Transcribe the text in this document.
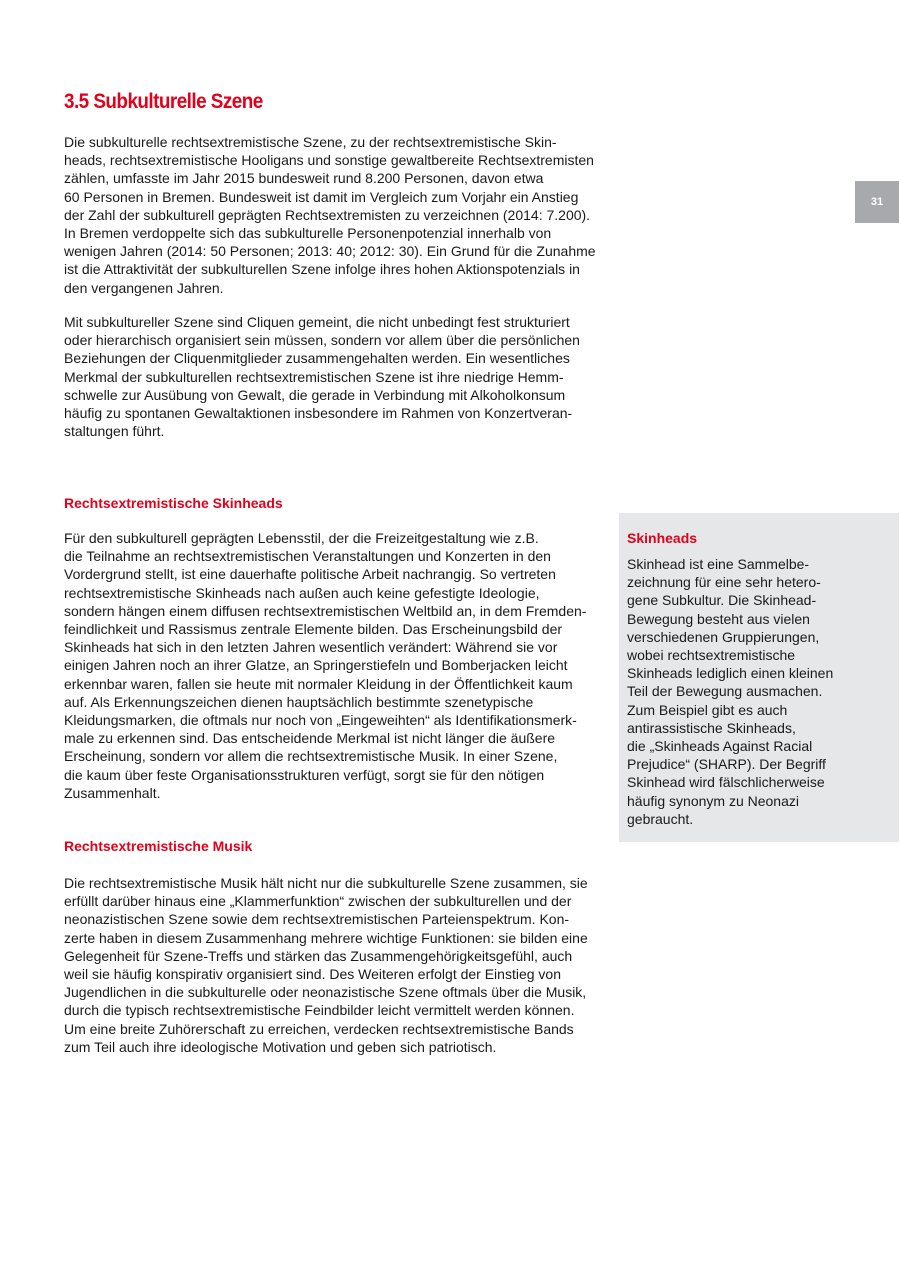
3.5 Subkulturelle Szene

Die subkulturelle rechtsextremistische Szene, zu der rechtsextremistische Skin-
heads, rechtsextremistische Hooligans und sonstige gewaltbereite Rechtsextremisten
zählen, umfasste im Jahr 2015 bundesweit rund 8.200 Personen, davon etwa
60 Personen in Bremen. Bundesweit ist damit im Vergleich zum Vorjahr ein Anstieg
der Zahl der subkulturell geprägten Rechtsextremisten zu verzeichnen (2014: 7.200).
In Bremen verdoppelte sich das subkulturelle Personenpotenzial innerhalb von
wenigen Jahren (2014: 50 Personen; 2013: 40; 2012: 30). Ein Grund für die Zunahme
ist die Attraktivität der subkulturellen Szene infolge ihres hohen Aktionspotenzials in
den vergangenen Jahren.

Mit subkultureller Szene sind Cliquen gemeint, die nicht unbedingt fest strukturiert
oder hierarchisch organisiert sein müssen, sondern vor allem über die persönlichen
Beziehungen der Cliquenmitglieder zusammengehalten werden. Ein wesentliches
Merkmal der subkulturellen rechtsextremistischen Szene ist ihre niedrige Hemm-
schwelle zur Ausübung von Gewalt, die gerade in Verbindung mit Alkoholkonsum
häufig zu spontanen Gewaltaktionen insbesondere im Rahmen von Konzertveran-
staltungen führt.

Rechtsextremistische Skinheads

Für den subkulturell geprägten Lebensstil, der die Freizeitgestaltung wie z.B.
die Teilnahme an rechtsextremistischen Veranstaltungen und Konzerten in den
Vordergrund stellt, ist eine dauerhafte politische Arbeit nachrangig. So vertreten
rechtsextremistische Skinheads nach außen auch keine gefestigte Ideologie,
sondern hängen einem diffusen rechtsextremistischen Weltbild an, in dem Fremden-
feindlichkeit und Rassismus zentrale Elemente bilden. Das Erscheinungsbild der
Skinheads hat sich in den letzten Jahren wesentlich verändert: Während sie vor
einigen Jahren noch an ihrer Glatze, an Springerstiefeln und Bomberjacken leicht
erkennbar waren, fallen sie heute mit normaler Kleidung in der Öffentlichkeit kaum
auf. Als Erkennungszeichen dienen hauptsächlich bestimmte szenetypische
Kleidungsmarken, die oftmals nur noch von „Eingeweihten“ als Identifikationsmerk-
male zu erkennen sind. Das entscheidende Merkmal ist nicht länger die äußere
Erscheinung, sondern vor allem die rechtsextremistische Musik. In einer Szene,
die kaum über feste Organisationsstrukturen verfügt, sorgt sie für den nötigen
Zusammenhalt.

Rechtsextremistische Musik

Die rechtsextremistische Musik hält nicht nur die subkulturelle Szene zusammen, sie
erfüllt darüber hinaus eine „Klammerfunktion“ zwischen der subkulturellen und der
neonazistischen Szene sowie dem rechtsextremistischen Parteienspektrum. Kon-
zerte haben in diesem Zusammenhang mehrere wichtige Funktionen: sie bilden eine
Gelegenheit für Szene-Treffs und stärken das Zusammengehörigkeitsgefühl, auch
weil sie häufig konspirativ organisiert sind. Des Weiteren erfolgt der Einstieg von
Jugendlichen in die subkulturelle oder neonazistische Szene oftmals über die Musik,
durch die typisch rechtsextremistische Feindbilder leicht vermittelt werden können.
Um eine breite Zuhörerschaft zu erreichen, verdecken rechtsextremistische Bands
zum Teil auch ihre ideologische Motivation und geben sich patriotisch.

31
Skinheads

Skinhead ist eine Sammelbe-
zeichnung für eine sehr hetero-
gene Subkultur. Die Skinhead-
Bewegung besteht aus vielen
verschiedenen Gruppierungen,
wobei rechtsextremistische
Skinheads lediglich einen kleinen
Teil der Bewegung ausmachen.
Zum Beispiel gibt es auch
antirassistische Skinheads,
die „Skinheads Against Racial
Prejudice“ (SHARP). Der Begriff
Skinhead wird fälschlicherweise
häufig synonym zu Neonazi
gebraucht.
